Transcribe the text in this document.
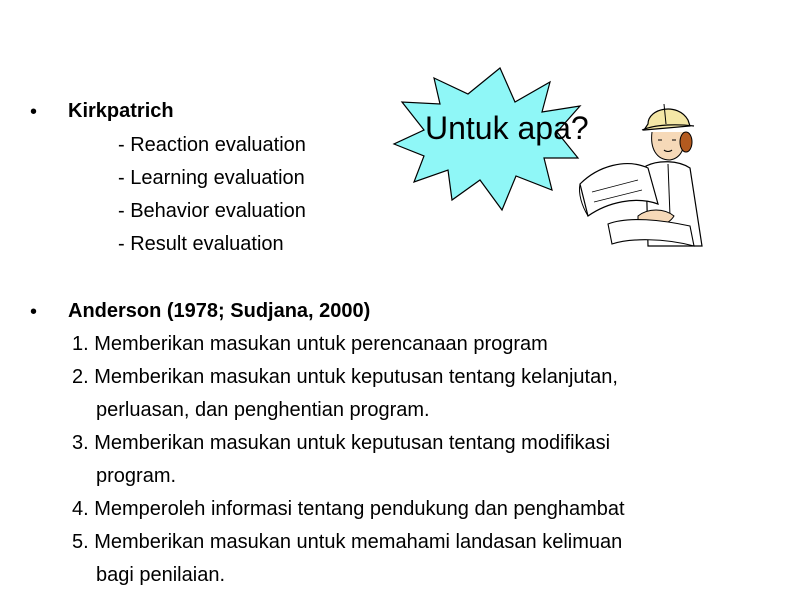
• Kirkpatrich
- Reaction evaluation
- Learning evaluation
- Behavior evaluation
- Result evaluation
Untuk apa?
• Anderson (1978; Sudjana, 2000)
1. Memberikan masukan untuk perencanaan program
2. Memberikan masukan untuk keputusan tentang kelanjutan,
perluasan, dan penghentian program.
3. Memberikan masukan untuk keputusan tentang modifikasi
program.
4. Memperoleh informasi tentang pendukung dan penghambat
5. Memberikan masukan untuk memahami landasan kelimuan
bagi penilaian.
